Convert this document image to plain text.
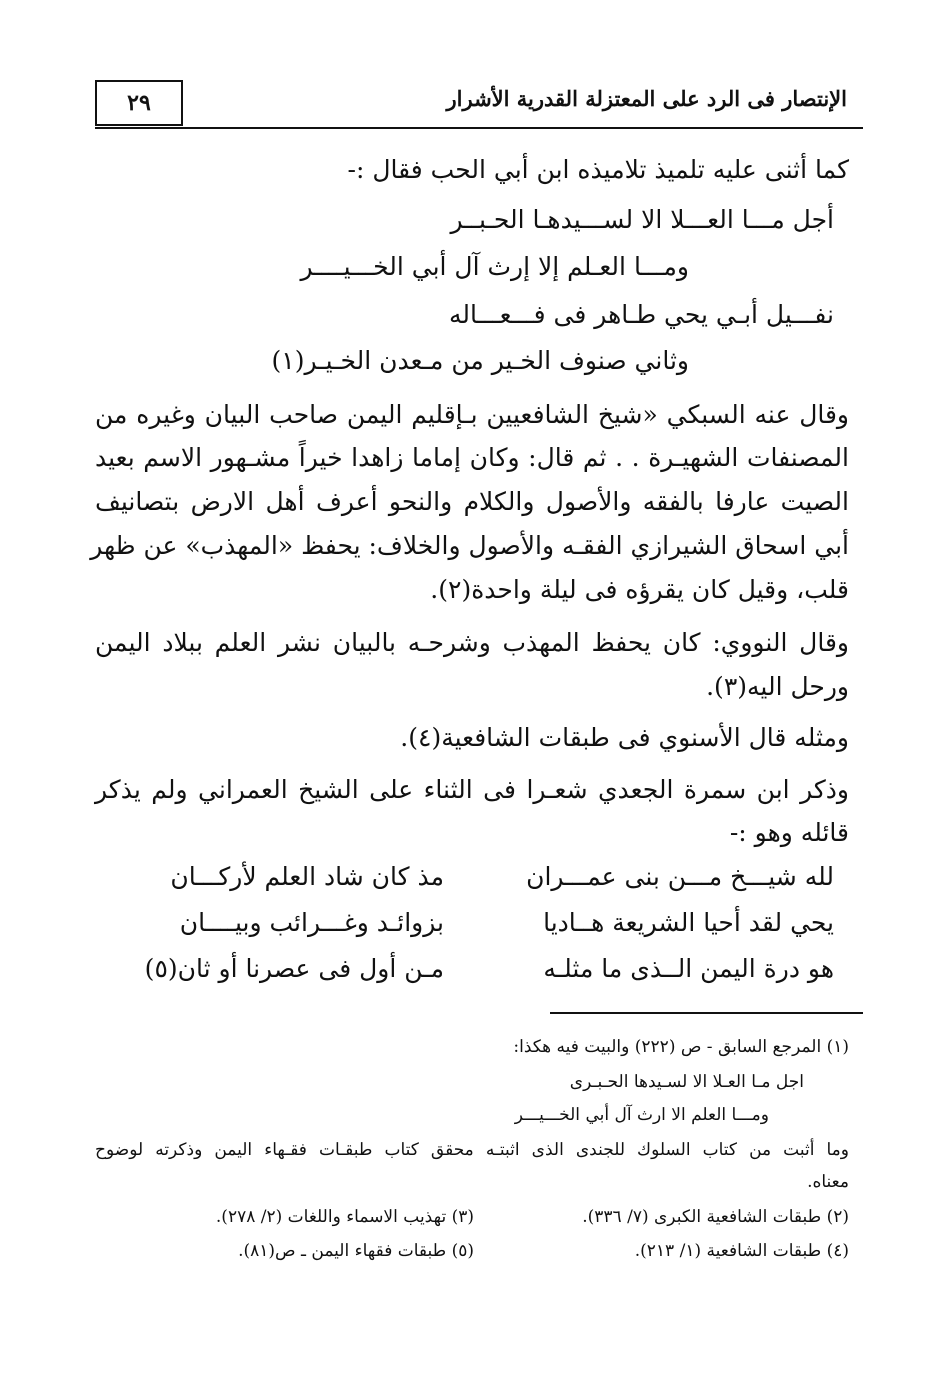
٢٩	الإنتصار فى الرد على المعتزلة القدرية الأشرار
كما أثنى عليه تلميذ تلاميذه ابن أبي الحب فقال :-
أجل مـــا العـــلا الا لســـيدهـا الحـبــر
ومـــا العـلم إلا إرث آل أبي الخـــيــــر
نفـــيل أبـي يحي طـاهر فى فـــعـــاله
وثاني صنوف الخـير من مـعدن الخـيـر(١)
وقال عنه السبكي «شيخ الشافعيين بـإقليم اليمن صاحب البيان وغيره من
المصنفات الشهيـرة . . ثم قال: وكان إماما زاهدا خيراً مشـهور الاسم بعيد
الصيت عارفا بالفقه والأصول والكلام والنحو أعرف أهل الارض بتصانيف
أبي اسحاق الشيرازي الفقـه والأصول والخلاف: يحفظ «المهذب» عن ظهر
قلب، وقيل كان يقرؤه فى ليلة واحدة(٢).
وقال النووي: كان يحفظ المهذب وشرحـه بالبيان نشر العلم ببلاد اليمن
ورحل اليه(٣).
ومثله قال الأسنوي فى طبقات الشافعية(٤).
وذكر ابن سمرة الجعدي شعـرا فى الثناء على الشيخ العمراني ولم يذكر
قائله وهو :-
لله شيـــخ مـــن بنى عمـــران
مذ كان شاد العلم لأركـــان
يحي لقد أحيا الشريعة هــاديا
بزوائـد وغـــرائب وبيــــان
هو درة اليمن الــذى ما مثلـه
مـن أول فى عصرنا أو ثان(٥)
(١) المرجع السابق - ص (٢٢٢) والبيت فيه هكذا:
اجل مـا العـلا الا لسـيدها الحـبـرى
ومـــا العلم الا ارث آل أبي الخـــيـــر
وما أثبت من كتاب السلوك للجندى الذى اثبتـه محقق كتاب طبقـات فقـهاء اليمن وذكرته لوضوح
معناه.
(٢) طبقات الشافعية الكبرى (٧/ ٣٣٦).
(٣) تهذيب الاسماء واللغات (٢/ ٢٧٨).
(٤) طبقات الشافعية (١/ ٢١٣).
(٥) طبقات فقهاء اليمن ـ ص(٨١).
